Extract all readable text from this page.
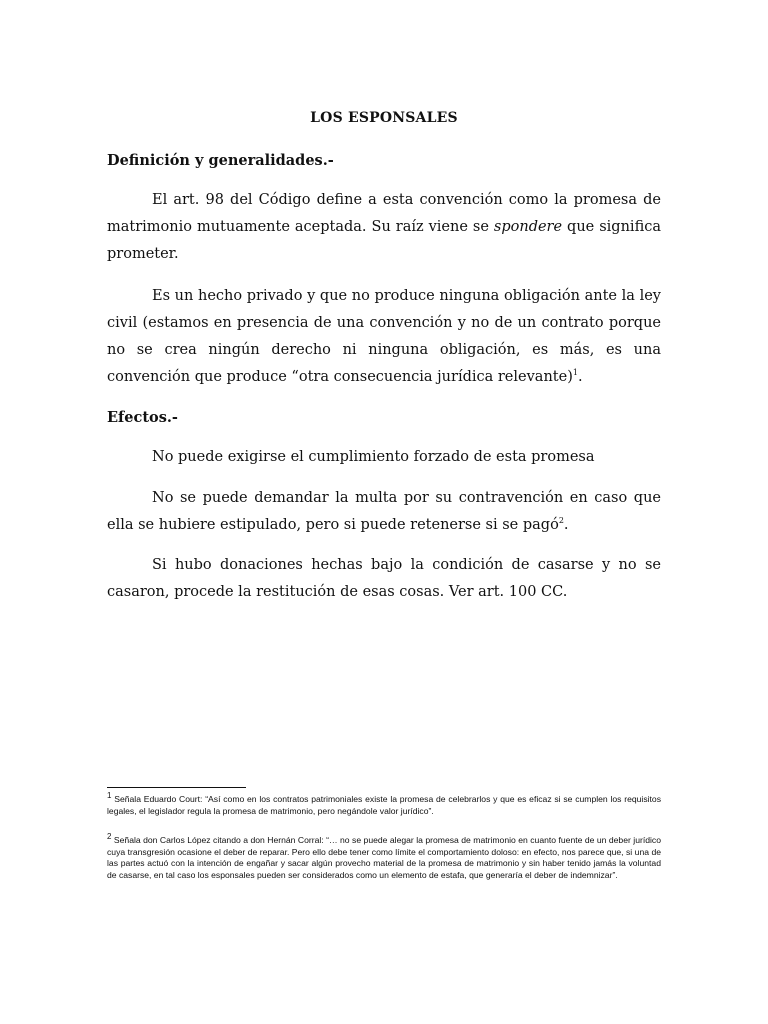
LOS ESPONSALES
Definición y generalidades.-

El art. 98 del Código define a esta convención como la promesa de matrimonio mutuamente aceptada. Su raíz viene se spondere que significa prometer.

Es un hecho privado y que no produce ninguna obligación ante la ley civil (estamos en presencia de una convención y no de un contrato porque no se crea ningún derecho ni ninguna obligación, es más, es una convención que produce “otra consecuencia jurídica relevante)$^1$.

Efectos.-

No puede exigirse el cumplimiento forzado de esta promesa

No se puede demandar la multa por su contravención en caso que ella se hubiere estipulado, pero si puede retenerse si se pagó$^2$.

Si hubo donaciones hechas bajo la condición de casarse y no se casaron, procede la restitución de esas cosas. Ver art. 100 CC.

$^1$ Señala Eduardo Court: “Así como en los contratos patrimoniales existe la promesa de celebrarlos y que es eficaz si se cumplen los requisitos legales, el legislador regula la promesa de matrimonio, pero negándole valor jurídico”.

$^2$ Señala don Carlos López citando a don Hernán Corral: “… no se puede alegar la promesa de matrimonio en cuanto fuente de un deber jurídico cuya transgresión ocasione el deber de reparar. Pero ello debe tener como límite el comportamiento doloso: en efecto, nos parece que, si una de las partes actuó con la intención de engañar y sacar algún provecho material de la promesa de matrimonio y sin haber tenido jamás la voluntad de casarse, en tal caso los esponsales pueden ser considerados como un elemento de estafa, que generaría el deber de indemnizar”.
